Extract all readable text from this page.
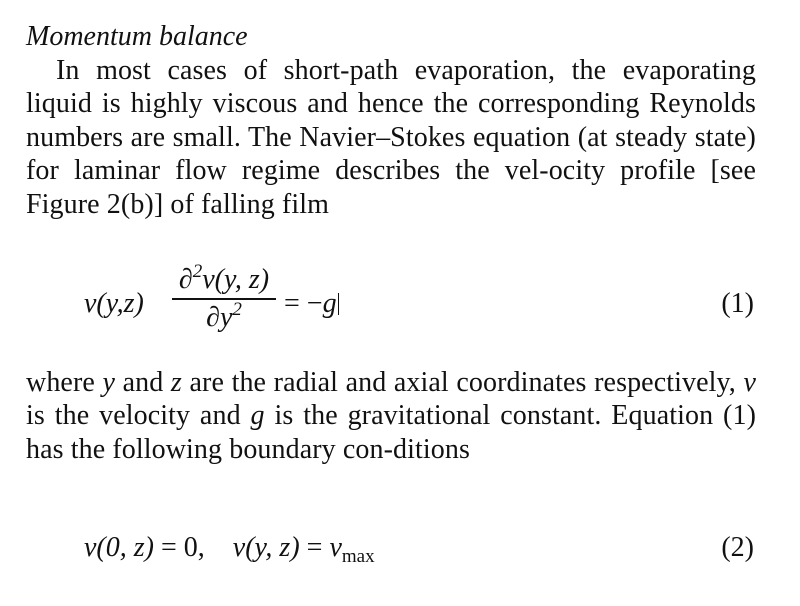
Momentum balance

In most cases of short-path evaporation, the evaporating liquid is highly viscous and hence the corresponding Reynolds numbers are small. The Navier–Stokes equation (at steady state) for laminar flow regime describes the vel-ocity profile [see Figure 2(b)] of falling film

v(y,z)
∂$^2$v(y, z)
$\partial y^2$	= −g	(1)

where y and z are the radial and axial coordinates respectively, v is the velocity and g is the gravitational constant. Equation (1) has the following boundary con-ditions

v(0, z) = 0, v(y, $z) = v_{max}$	(2)
